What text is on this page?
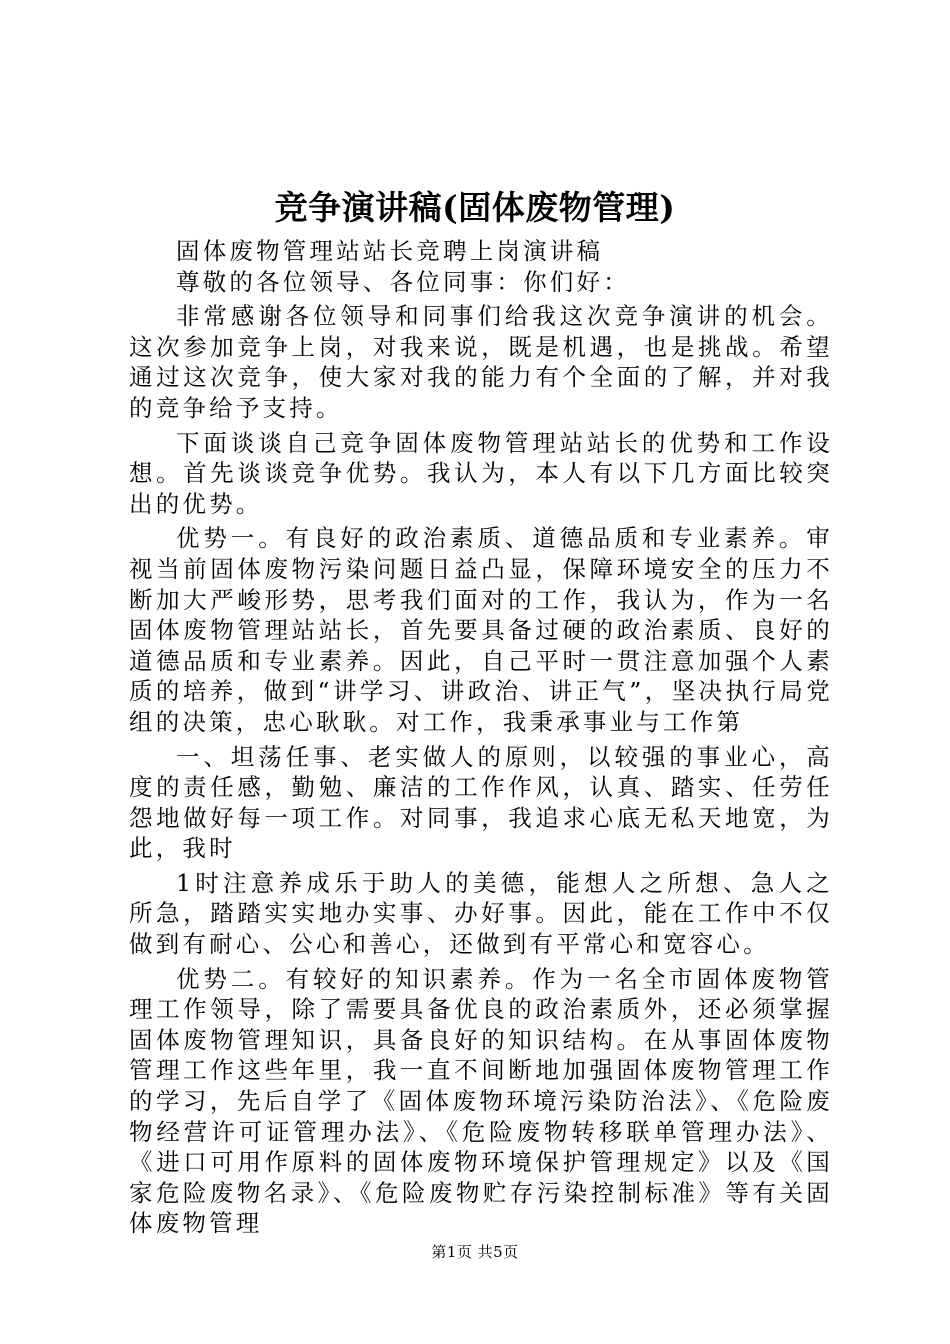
竞争演讲稿(固体废物管理)

固体废物管理站站长竞聘上岗演讲稿

尊敬的各位领导、各位同事：你们好：

非常感谢各位领导和同事们给我这次竞争演讲的机会。这次参加竞争上岗，对我来说，既是机遇，也是挑战。希望通过这次竞争，使大家对我的能力有个全面的了解，并对我的竞争给予支持。

下面谈谈自己竞争固体废物管理站站长的优势和工作设想。首先谈谈竞争优势。我认为，本人有以下几方面比较突出的优势。

优势一。有良好的政治素质、道德品质和专业素养。审视当前固体废物污染问题日益凸显，保障环境安全的压力不断加大严峻形势，思考我们面对的工作，我认为，作为一名固体废物管理站站长，首先要具备过硬的政治素质、良好的道德品质和专业素养。因此，自己平时一贯注意加强个人素质的培养，做到“讲学习、讲政治、讲正气”，坚决执行局党组的决策，忠心耿耿。对工作，我秉承事业与工作第

一、坦荡任事、老实做人的原则，以较强的事业心，高度的责任感，勤勉、廉洁的工作作风，认真、踏实、任劳任怨地做好每一项工作。对同事，我追求心底无私天地宽，为此，我时

1时注意养成乐于助人的美德，能想人之所想、急人之所急，踏踏实实地办实事、办好事。因此，能在工作中不仅做到有耐心、公心和善心，还做到有平常心和宽容心。

优势二。有较好的知识素养。作为一名全市固体废物管理工作领导，除了需要具备优良的政治素质外，还必须掌握固体废物管理知识，具备良好的知识结构。在从事固体废物管理工作这些年里，我一直不间断地加强固体废物管理工作的学习，先后自学了《固体废物环境污染防治法》、《危险废物经营许可证管理办法》、《危险废物转移联单管理办法》、《进口可用作原料的固体废物环境保护管理规定》以及《国家危险废物名录》、《危险废物贮存污染控制标准》等有关固体废物管理

第1页 共5页
